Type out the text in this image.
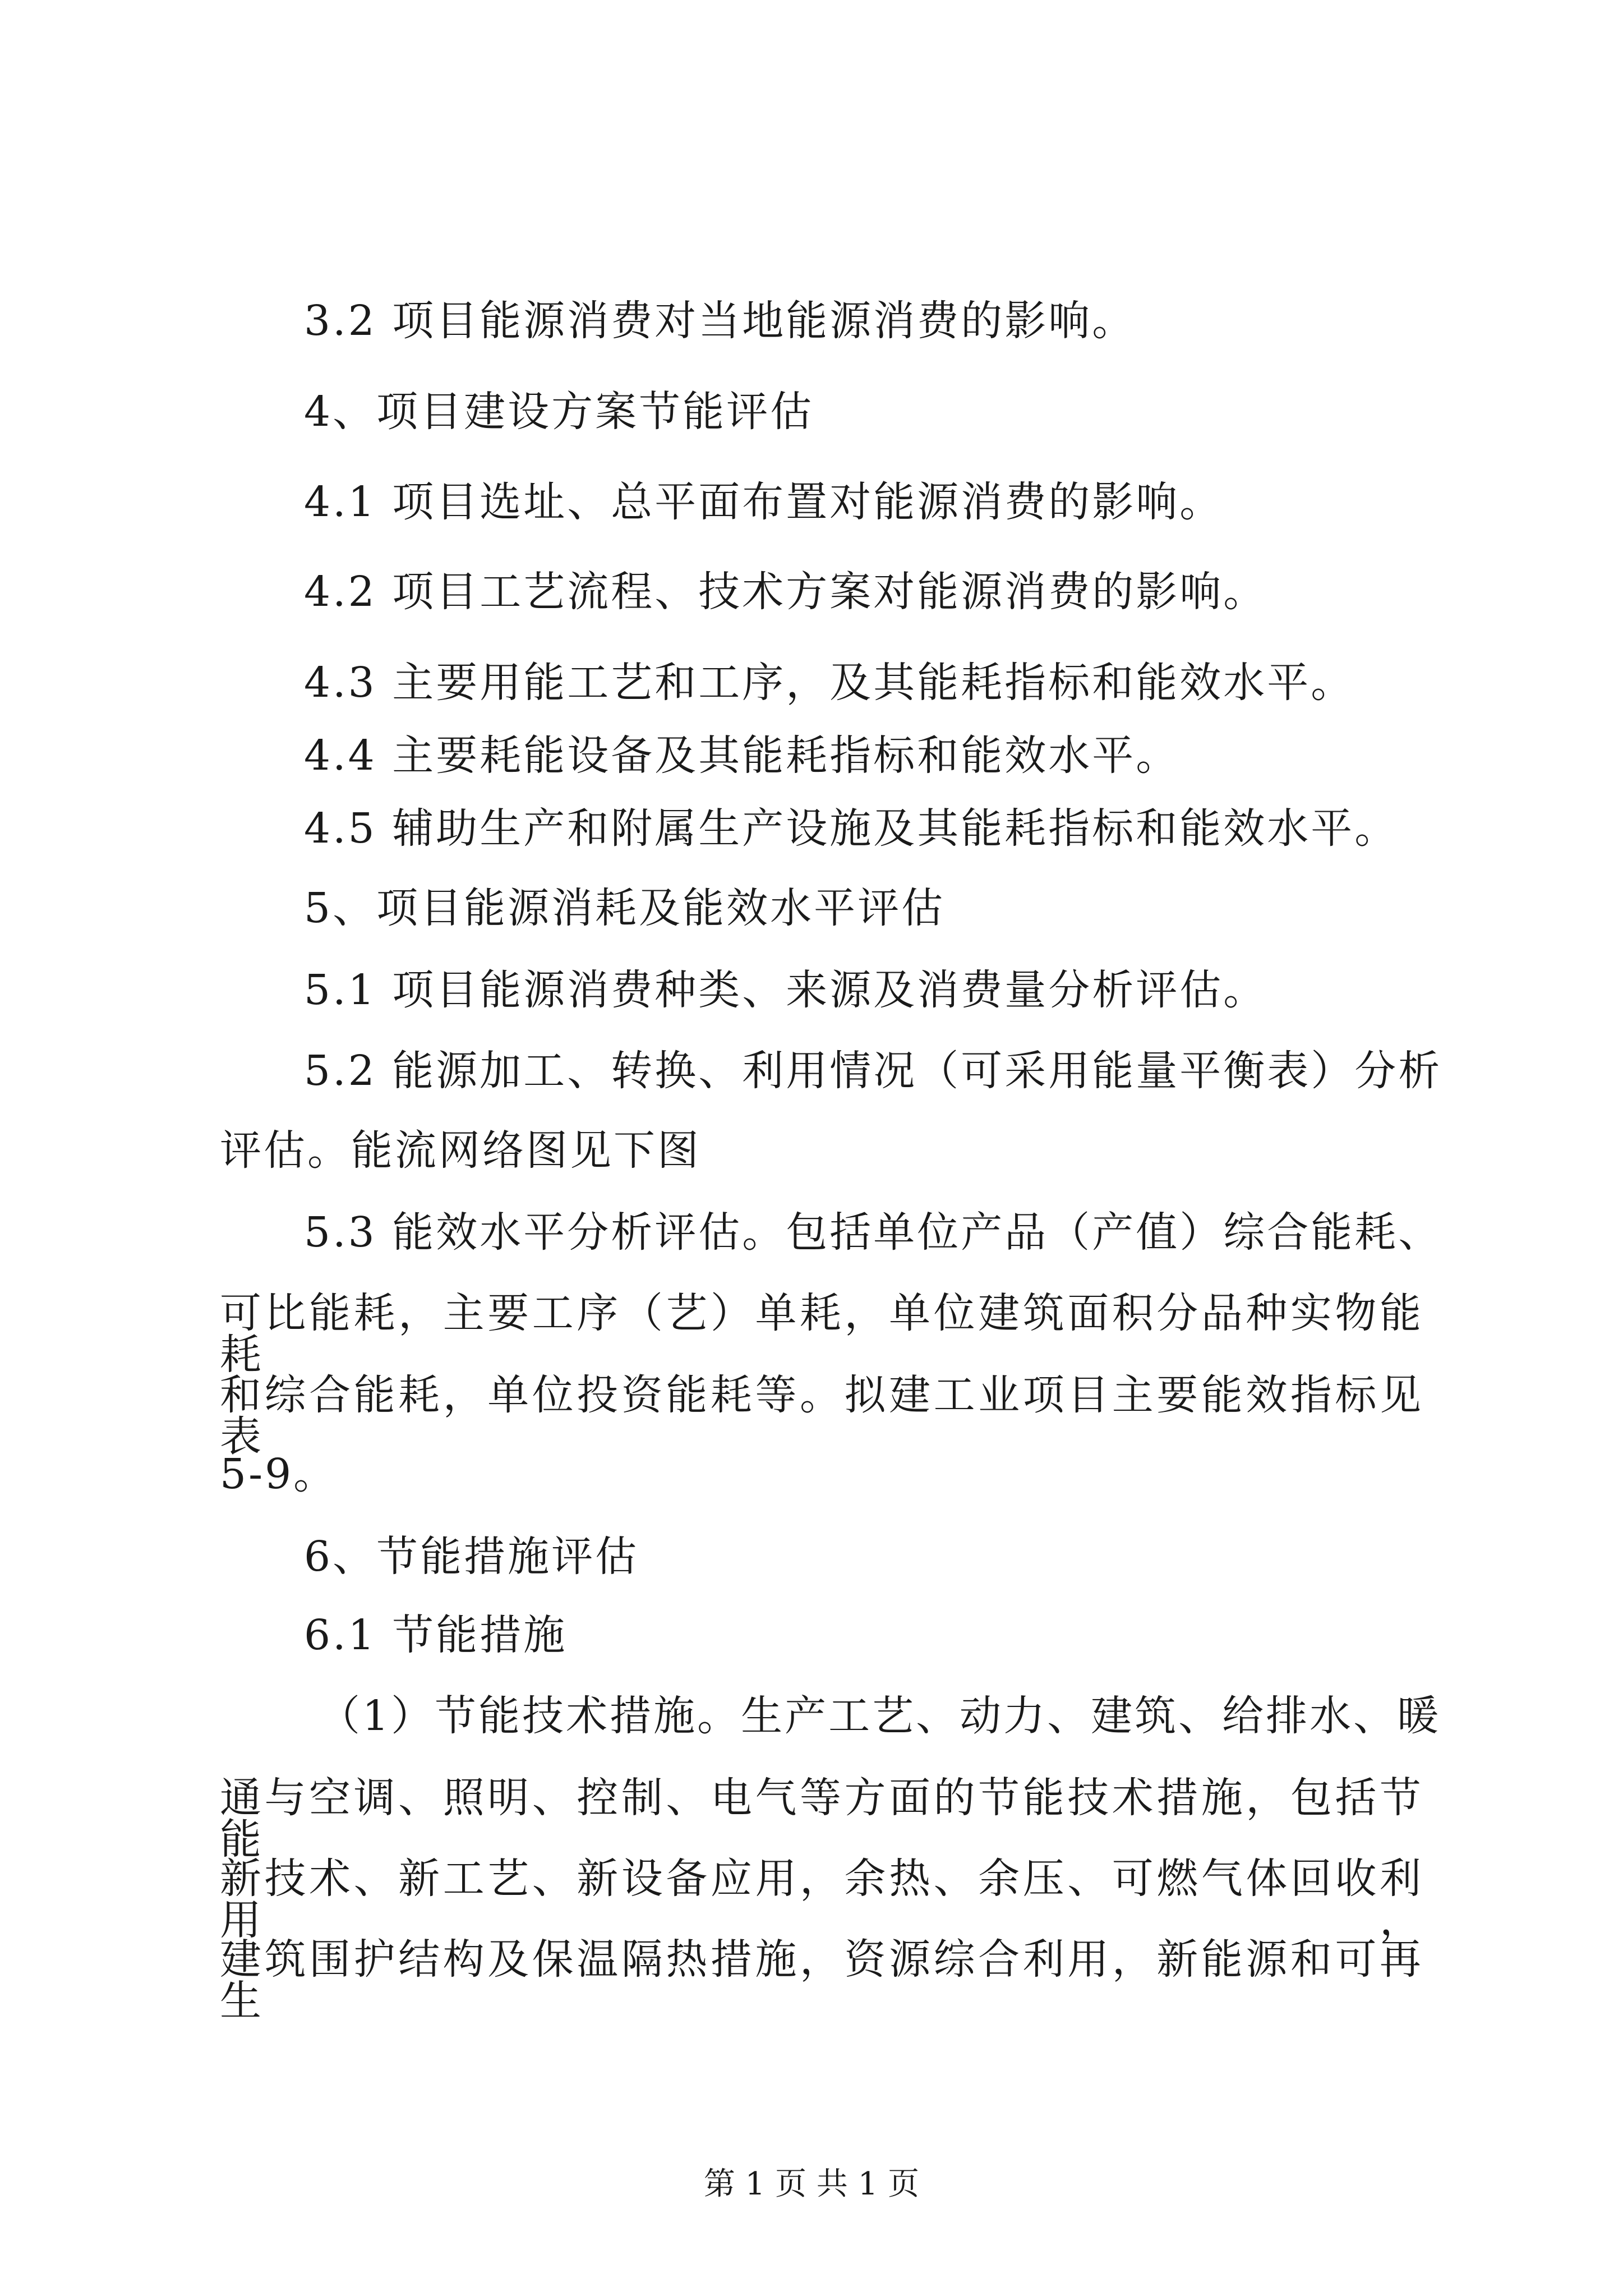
3.2 项目能源消费对当地能源消费的影响。
4、项目建设方案节能评估
4.1 项目选址、总平面布置对能源消费的影响。
4.2 项目工艺流程、技术方案对能源消费的影响。
4.3 主要用能工艺和工序，及其能耗指标和能效水平。
4.4 主要耗能设备及其能耗指标和能效水平。
4.5 辅助生产和附属生产设施及其能耗指标和能效水平。
5、项目能源消耗及能效水平评估
5.1 项目能源消费种类、来源及消费量分析评估。
5.2 能源加工、转换、利用情况（可采用能量平衡表）分析
评估。能流网络图见下图
5.3 能效水平分析评估。包括单位产品（产值）综合能耗、
可比能耗，主要工序（艺）单耗，单位建筑面积分品种实物能耗
和综合能耗，单位投资能耗等。拟建工业项目主要能效指标见表
5-9。
6、节能措施评估
6.1 节能措施
（1）节能技术措施。生产工艺、动力、建筑、给排水、暖
通与空调、照明、控制、电气等方面的节能技术措施，包括节能
新技术、新工艺、新设备应用，余热、余压、可燃气体回收利用，
建筑围护结构及保温隔热措施，资源综合利用，新能源和可再生
第 1 页 共 1 页
